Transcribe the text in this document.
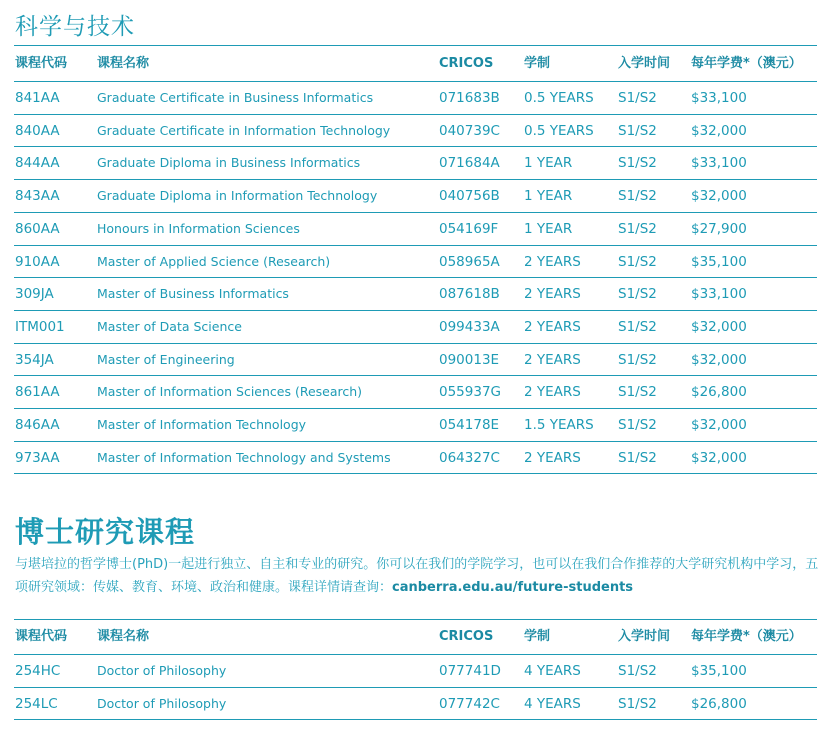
科学与技术
课程代码 课程名称	CRICOS 学制	入学时间 每年学费*（澳元）
841AA	Graduate Certificate in Business Informatics	071683B 0.5 YEARS S1/S2	$33,100
840AA	Graduate Certificate in Information Technology	040739C 0.5 YEARS S1/S2	$32,000
844AA	Graduate Diploma in Business Informatics	071684A 1 YEAR	S1/S2	$33,100
843AA	Graduate Diploma in Information Technology	040756B 1 YEAR	S1/S2	$32,000
860AA	Honours in Information Sciences	054169F 1 YEAR	S1/S2	$27,900
910AA	Master of Applied Science (Research)	058965A 2 YEARS	S1/S2	$35,100
309JA	Master of Business Informatics	087618B 2 YEARS	S1/S2	$33,100
ITM001	Master of Data Science	099433A 2 YEARS	S1/S2	$32,000
354JA	Master of Engineering	090013E 2 YEARS	S1/S2	$32,000
861AA	Master of Information Sciences (Research)	055937G 2 YEARS	S1/S2	$26,800
846AA	Master of Information Technology	054178E 1.5 YEARS S1/S2	$32,000
973AA	Master of Information Technology and Systems	064327C 2 YEARS	S1/S2	$32,000
博士研究课程
与堪培拉的哲学博士(PhD)一起进行独立、自主和专业的研究。你可以在我们的学院学习，也可以在我们合作推荐的大学研究机构中学习，五项研究领域：传媒、教育、环境、政治和健康。课程详情请查询：canberra.edu.au/future-students
课程代码 课程名称	CRICOS 学制	入学时间 每年学费*（澳元）
254HC	Doctor of Philosophy	077741D 4 YEARS	S1/S2	$35,100
254LC	Doctor of Philosophy	077742C 4 YEARS	S1/S2	$26,800
